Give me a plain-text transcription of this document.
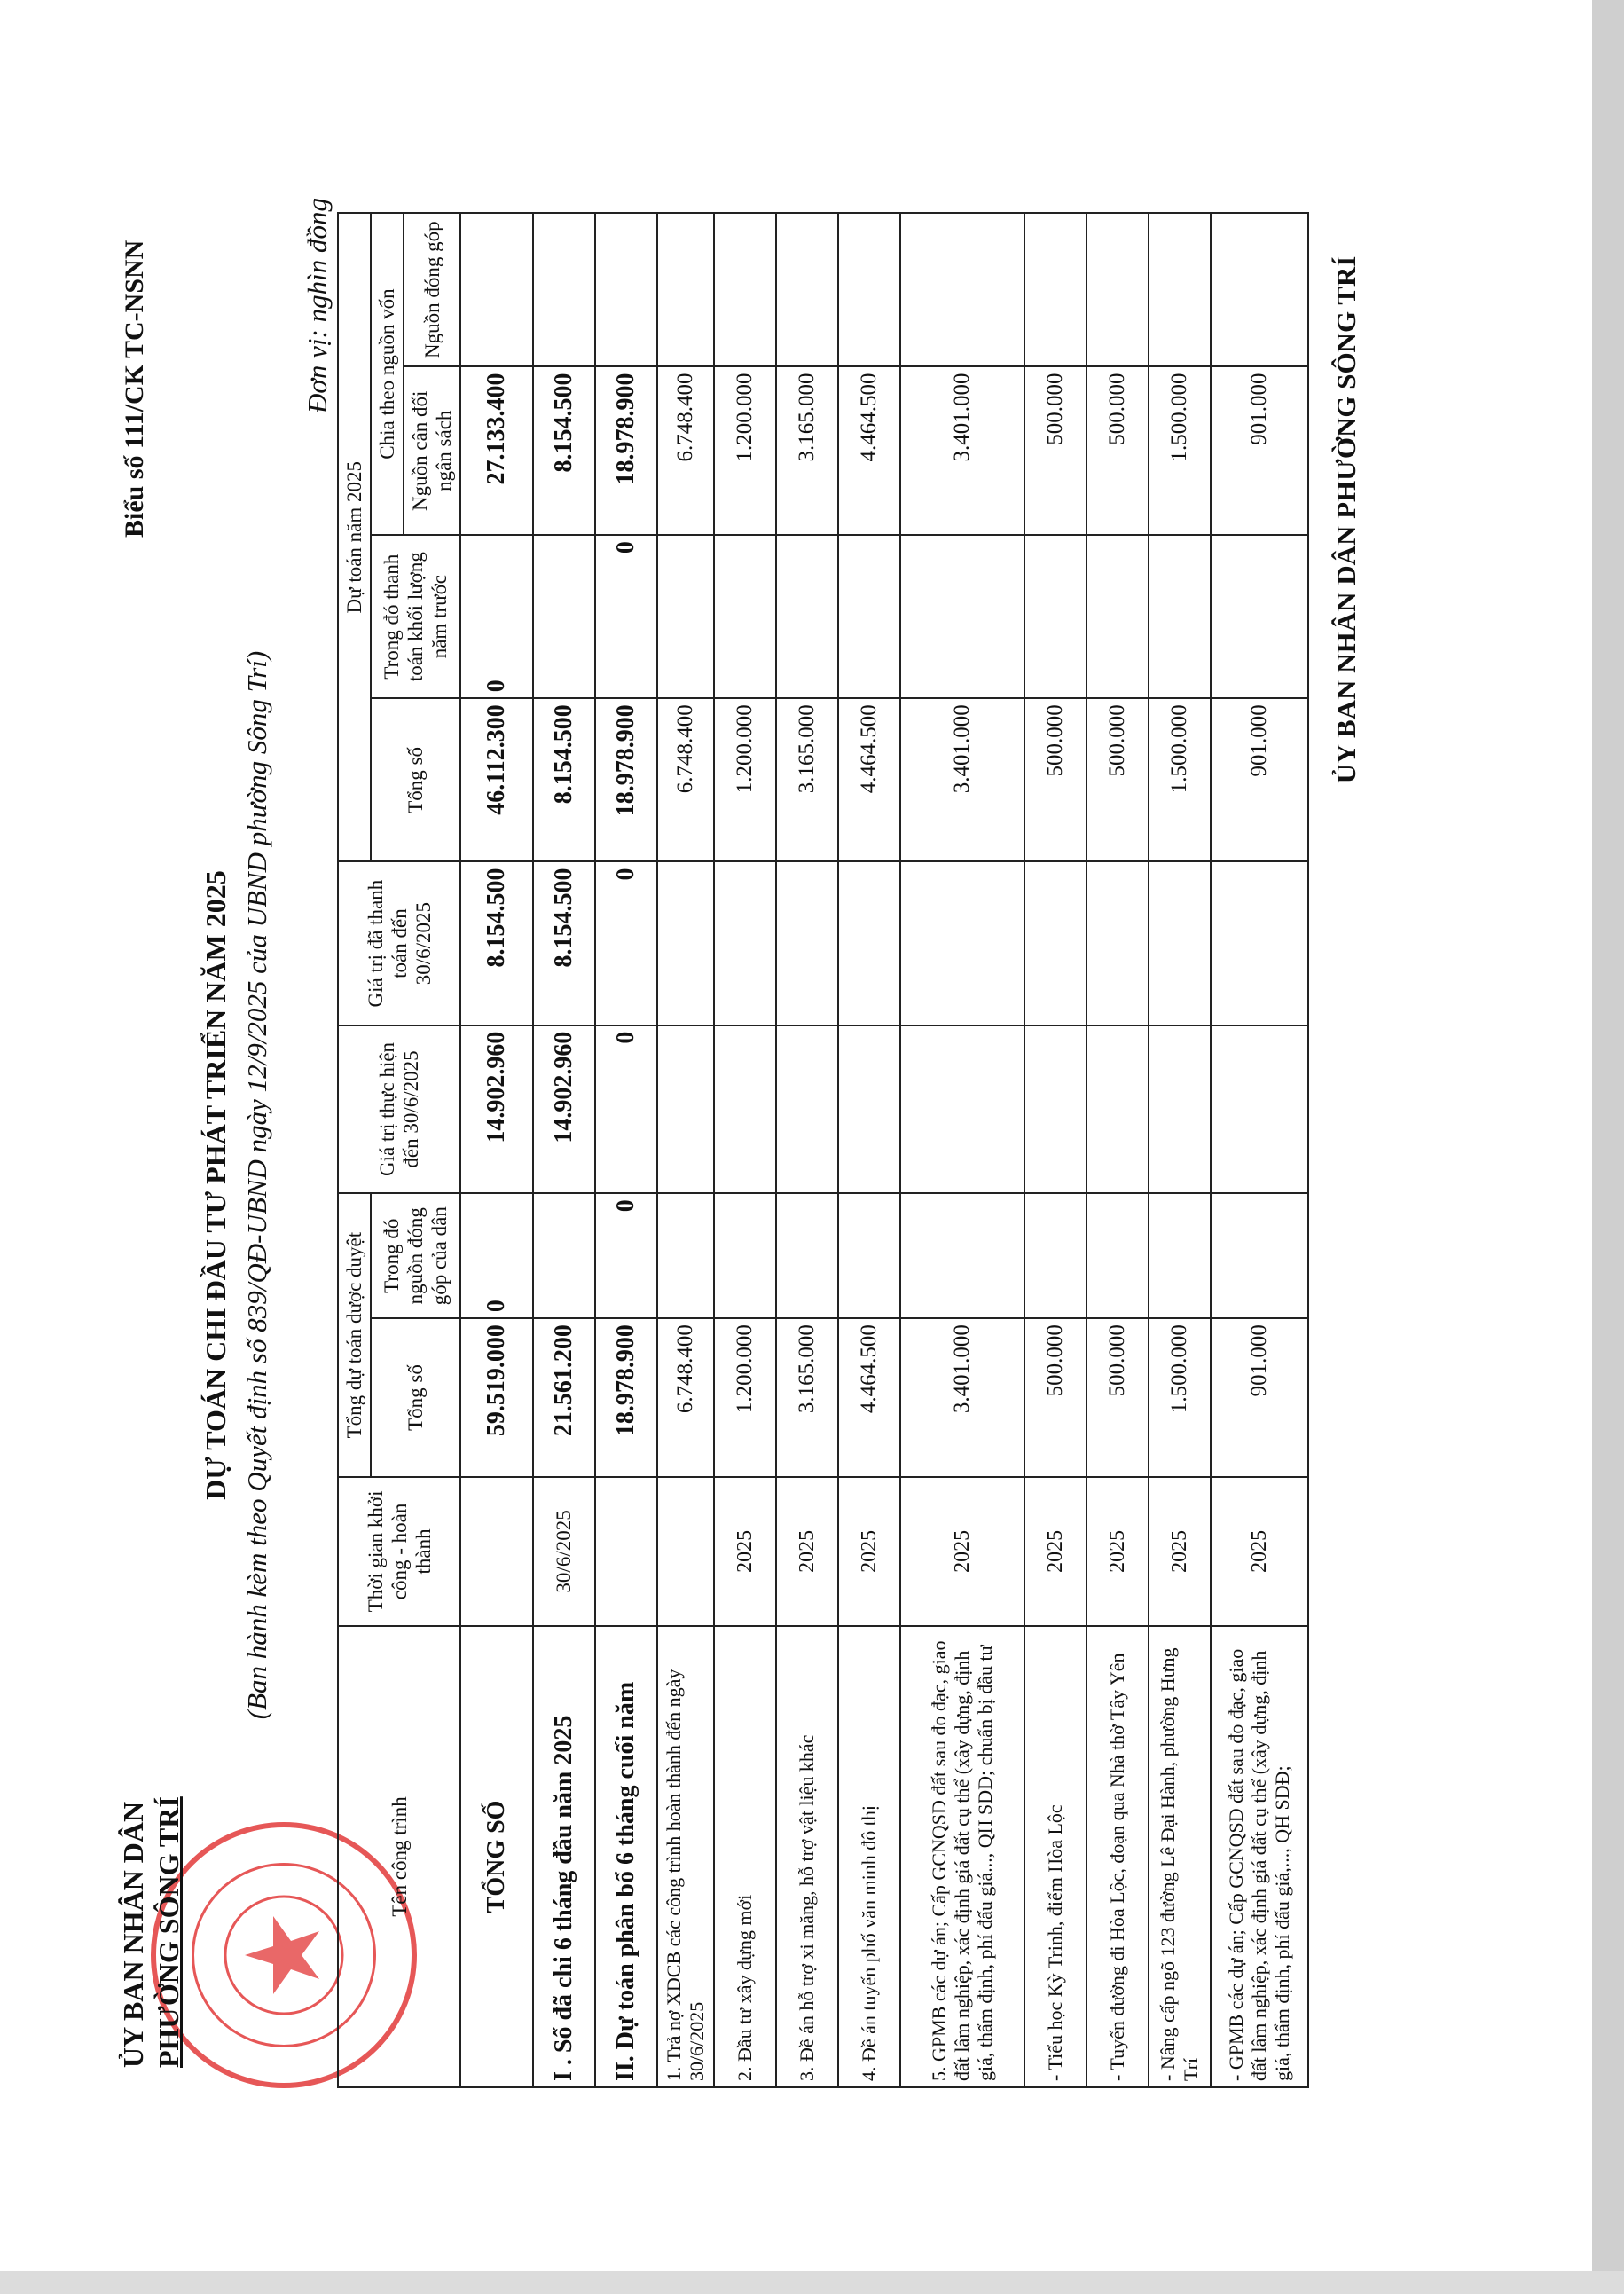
ỦY BAN NHÂN DÂN PHƯỜNG SÔNG TRÍ
Biểu số 111/CK TC-NSNN
DỰ TOÁN CHI ĐẦU TƯ PHÁT TRIỂN NĂM 2025 (Ban hành kèm theo Quyết định số 839/QĐ-UBND ngày 12/9/2025 của UBND phường Sông Trí)
Đơn vị: nghìn đồng
Tên công trình	Thời gian khởi công - hoàn thành	Tổng dự toán được duyệt		Giá trị thực hiện đến 30/6/2025	Giá trị đã thanh toán đến 30/6/2025	Dự toán năm 2025			
		Tổng số	Trong đó nguồn đóng góp của dân			Tổng số	Trong đó thanh toán khối lượng năm trước	Chia theo nguồn vốn	
								Nguồn cân đối ngân sách	Nguồn đóng góp
TỔNG SỐ		59.519.000	0	14.902.960	8.154.500	46.112.300	0	27.133.400	
I . Số đã chi 6 tháng đầu năm 2025	30/6/2025	21.561.200		14.902.960	8.154.500	8.154.500		8.154.500	
II. Dự toán phân bổ 6 tháng cuối năm		18.978.900	0	0	0	18.978.900	0	18.978.900	
1. Trả nợ XDCB các công trình hoàn thành đến ngày 30/6/2025		6.748.400				6.748.400		6.748.400	
2. Đầu tư xây dựng mới	2025	1.200.000				1.200.000		1.200.000	
3. Đề án hỗ trợ xi măng, hỗ trợ vật liệu khác	2025	3.165.000				3.165.000		3.165.000	
4. Đề án tuyến phố văn minh đô thị	2025	4.464.500				4.464.500		4.464.500	
5. GPMB các dự án; Cấp GCNQSD đất sau đo đạc, giao đất lâm nghiệp, xác định giá đất cụ thể (xây dựng, định giá, thẩm định, phí đấu giá..., QH SDĐ; chuẩn bị đầu tư	2025	3.401.000				3.401.000		3.401.000	
- Tiểu học Kỳ Trinh, điểm Hòa Lộc	2025	500.000				500.000		500.000	
- Tuyến đường đi Hòa Lộc, đoạn qua Nhà thờ Tây Yên	2025	500.000				500.000		500.000	
- Nâng cấp ngõ 123 đường Lê Đại Hành, phường Hưng Trí	2025	1.500.000				1.500.000		1.500.000	
- GPMB các dự án; Cấp GCNQSD đất sau đo đạc, giao đất lâm nghiệp, xác định giá đất cụ thể (xây dựng, định giá, thẩm định, phí đấu giá,..., QH SDĐ;	2025	901.000				901.000		901.000	ỦY BAN NHÂN DÂN PHƯỜNG SÔNG TRÍ
